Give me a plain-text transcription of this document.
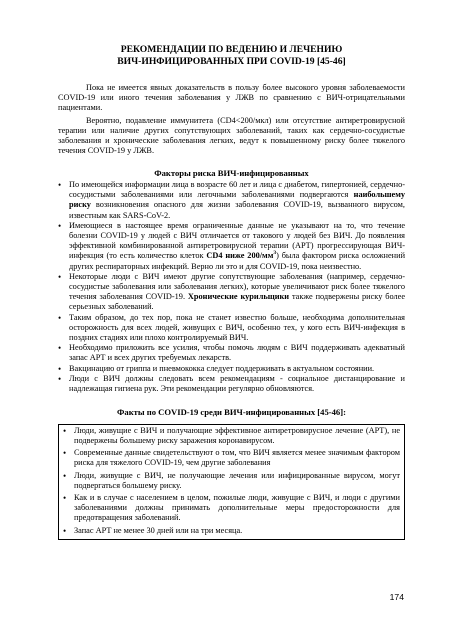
РЕКОМЕНДАЦИИ ПО ВЕДЕНИЮ И ЛЕЧЕНИЮ
ВИЧ-ИНФИЦИРОВАННЫХ ПРИ COVID-19 [45-46]

Пока не имеется явных доказательств в пользу более высокого уровня заболеваемости COVID-19 или иного течения заболевания у ЛЖВ по сравнению с ВИЧ-отрицательными пациентами.

Вероятно, подавление иммунитета (CD4<200/мкл) или отсутствие антиретровирусной терапии или наличие других сопутствующих заболеваний, таких как сердечно-сосудистые заболевания и хронические заболевания легких, ведут к повышенному риску более тяжелого течения COVID-19 у ЛЖВ.

Факторы риска ВИЧ-инфицированных
• По имеющейся информации лица в возрасте 60 лет и лица с диабетом, гипертонией, сердечно-сосудистыми заболеваниями или легочными заболеваниями подвергаются наибольшему риску возникновения опасного для жизни заболевания COVID-19, вызванного вирусом, известным как SARS-CoV-2.
• Имеющиеся в настоящее время ограниченные данные не указывают на то, что течение болезни COVID-19 у людей с ВИЧ отличается от такового у людей без ВИЧ. До появления эффективной комбинированной антиретровирусной терапии (АРТ) прогрессирующая ВИЧ-инфекция (то есть количество клеток CD4 ниже $200/мм^3$) была фактором риска осложнений других респираторных инфекций. Верно ли это и для COVID-19, пока неизвестно.
• Некоторые люди с ВИЧ имеют другие сопутствующие заболевания (например, сердечно-сосудистые заболевания или заболевания легких), которые увеличивают риск более тяжелого течения заболевания COVID-19. Хронические курильщики также подвержены риску более серьезных заболеваний.
• Таким образом, до тех пор, пока не станет известно больше, необходима дополнительная осторожность для всех людей, живущих с ВИЧ, особенно тех, у кого есть ВИЧ-инфекция в поздних стадиях или плохо контролируемый ВИЧ.
• Необходимо приложить все усилия, чтобы помочь людям с ВИЧ поддерживать адекватный запас АРТ и всех других требуемых лекарств.
• Вакцинацию от гриппа и пневмококка следует поддерживать в актуальном состоянии.
• Люди с ВИЧ должны следовать всем рекомендациям - социальное дистанцирование и надлежащая гигиена рук. Эти рекомендации регулярно обновляются.
Факты по COVID-19 среди ВИЧ-инфицированных [45-46]:
• Люди, живущие с ВИЧ и получающие эффективное антиретровирусное лечение (АРТ), не подвержены большему риску заражения коронавирусом.
• Современные данные свидетельствуют о том, что ВИЧ является менее значимым фактором риска для тяжелого COVID-19, чем другие заболевания
• Люди, живущие с ВИЧ, не получающие лечения или инфицированные вирусом, могут подвергаться большему риску.
• Как и в случае с населением в целом, пожилые люди, живущие с ВИЧ, и люди с другими заболеваниями должны принимать дополнительные меры предосторожности для предотвращения заболеваний.
• Запас АРТ не менее 30 дней или на три месяца.
174
